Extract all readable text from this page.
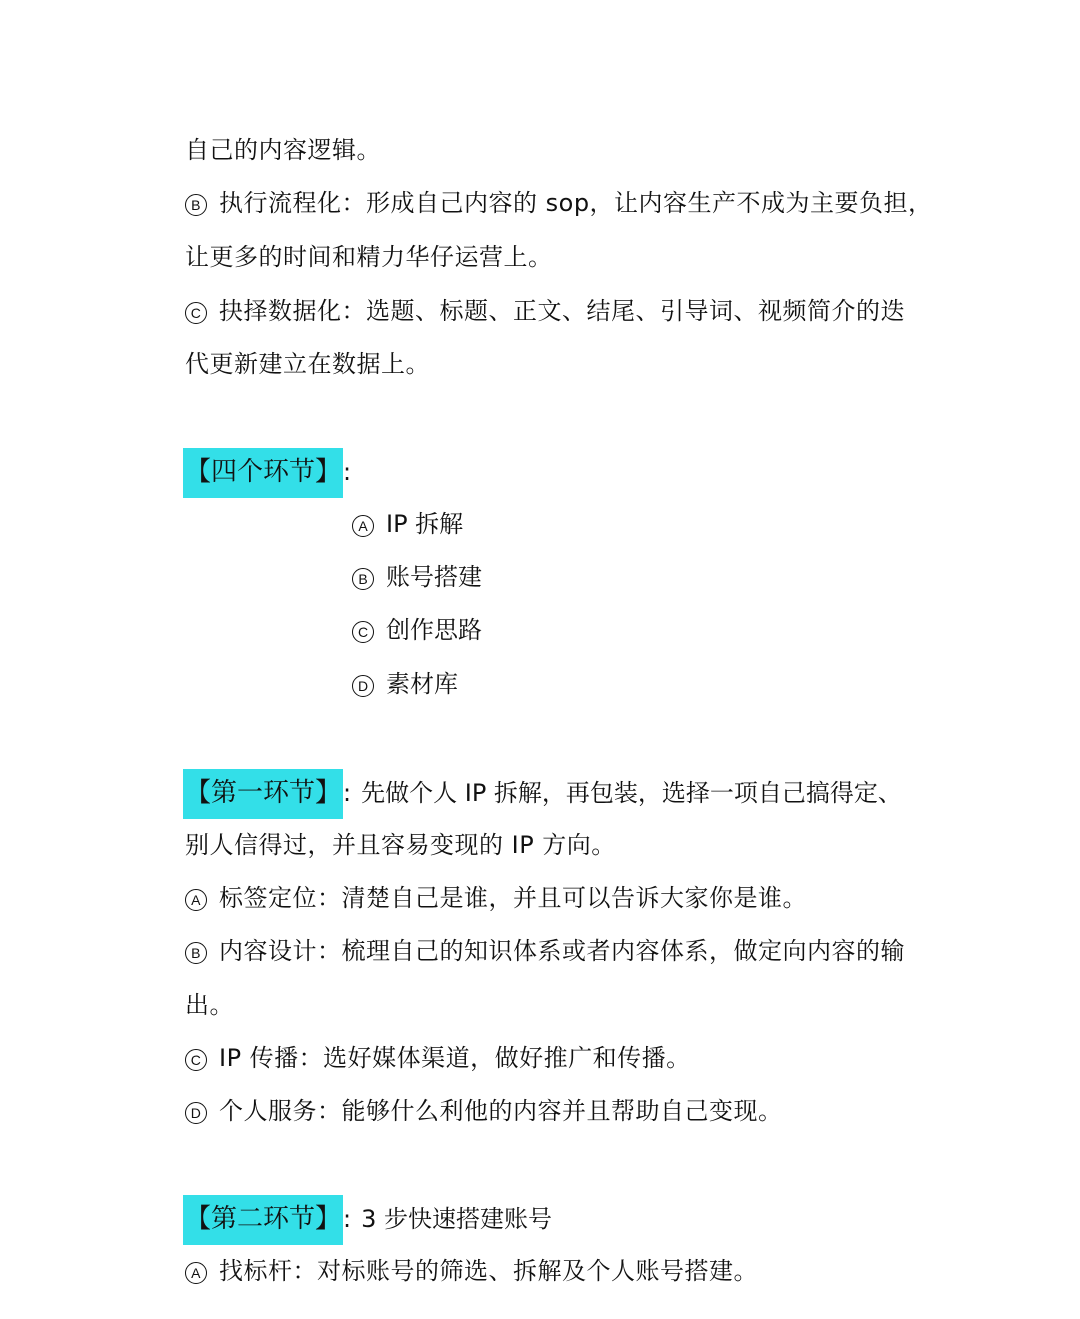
自己的内容逻辑。
B 执行流程化：形成自己内容的 sop，让内容生产不成为主要负担，
让更多的时间和精力华仔运营上。
C 抉择数据化：选题、标题、正文、结尾、引导词、视频简介的迭
代更新建立在数据上。
【四个环节】:
A IP 拆解
B 账号搭建
C 创作思路
D 素材库
【第一环节】: 先做个人 IP 拆解，再包装，选择一项自己搞得定、
别人信得过，并且容易变现的 IP 方向。
A 标签定位：清楚自己是谁，并且可以告诉大家你是谁。
B 内容设计：梳理自己的知识体系或者内容体系，做定向内容的输
出。
C IP 传播：选好媒体渠道，做好推广和传播。
D 个人服务：能够什么利他的内容并且帮助自己变现。
【第二环节】: 3 步快速搭建账号
A 找标杆：对标账号的筛选、拆解及个人账号搭建。
